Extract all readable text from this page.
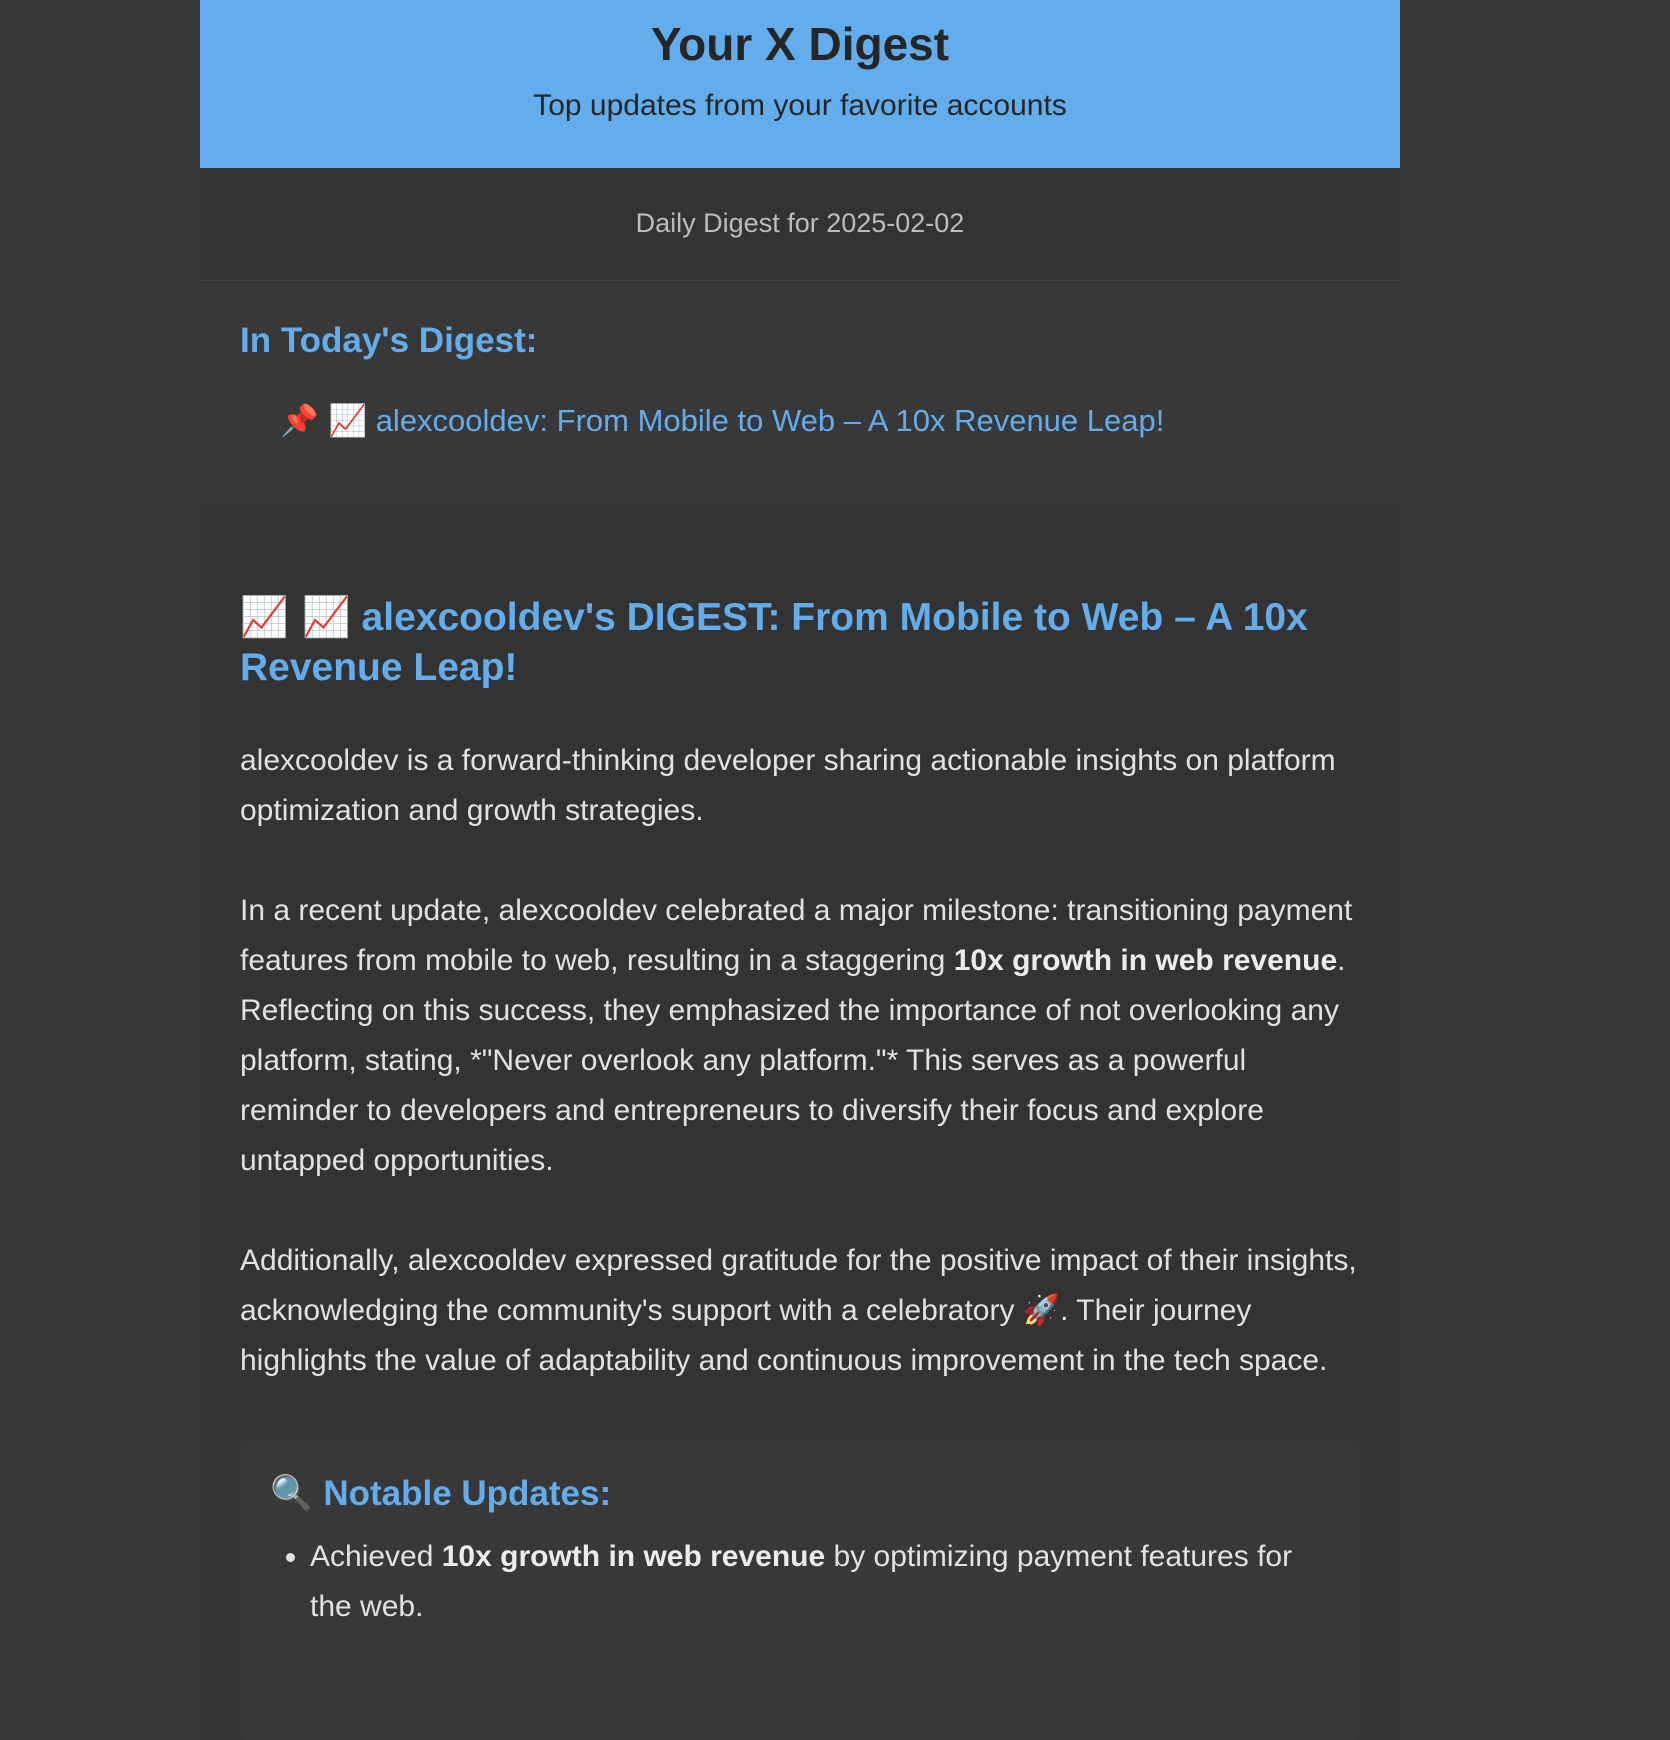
Your X Digest
Top updates from your favorite accounts
Daily Digest for 2025-02-02
In Today's Digest:
📌 📈 alexcooldev: From Mobile to Web – A 10x Revenue Leap!
📈 📈 alexcooldev's DIGEST: From Mobile to Web – A 10x Revenue Leap!

alexcooldev is a forward-thinking developer sharing actionable insights on platform optimization and growth strategies.

In a recent update, alexcooldev celebrated a major milestone: transitioning payment features from mobile to web, resulting in a staggering 10x growth in web revenue. Reflecting on this success, they emphasized the importance of not overlooking any platform, stating, *"Never overlook any platform."* This serves as a powerful reminder to developers and entrepreneurs to diversify their focus and explore untapped opportunities.

Additionally, alexcooldev expressed gratitude for the positive impact of their insights, acknowledging the community's support with a celebratory 🚀. Their journey highlights the value of adaptability and continuous improvement in the tech space.

🔍 Notable Updates:
• Achieved 10x growth in web revenue by optimizing payment features for the web.
